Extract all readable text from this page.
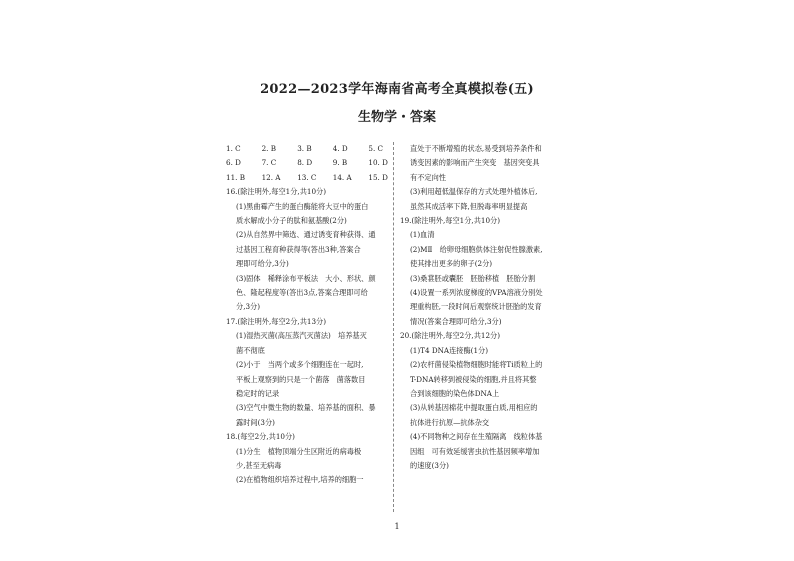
2022—2023学年海南省高考全真模拟卷(五)
生物学・答案
1. C	2. B	3. B	4. D	5. C
6. D	7. C	8. D	9. B	10. D
11. B	12. A	13. C	14. A	15. D
16.(除注明外,每空1分,共10分)
(1)黑曲霉产生的蛋白酶能将大豆中的蛋白
质水解成小分子的肽和氨基酸(2分)
(2)从自然界中筛选、通过诱变育种获得、通
过基因工程育种获得等(答出3种,答案合
理即可给分,3分)
(3)固体　稀释涂布平板法　大小、形状、颜
色、隆起程度等(答出3点,答案合理即可给
分,3分)
17.(除注明外,每空2分,共13分)
(1)湿热灭菌(高压蒸汽灭菌法)　培养基灭
菌不彻底
(2)小于　当两个或多个细胞连在一起时,
平板上观察到的只是一个菌落　菌落数目
稳定时的记录
(3)空气中微生物的数量、培养基的面积、暴
露时间(3分)
18.(每空2分,共10分)
(1)分生　植物顶端分生区附近的病毒极
少,甚至无病毒
(2)在植物组织培养过程中,培养的细胞一
直处于不断增殖的状态,易受到培养条件和
诱变因素的影响而产生突变　基因突变具
有不定向性
(3)利用超低温保存的方式处理外植体后,
虽然其成活率下降,但脱毒率明显提高
19.(除注明外,每空1分,共10分)
(1)血清
(2)MⅡ　给卵母细胞供体注射促性腺激素,
使其排出更多的卵子(2分)
(3)桑葚胚或囊胚　胚胎移植　胚胎分割
(4)设置一系列浓度梯度的VPA溶液分别处
理重构胚,一段时间后观察统计胚胎的发育
情况(答案合理即可给分,3分)
20.(除注明外,每空2分,共12分)
(1)T4 DNA连接酶(1分)
(2)农杆菌侵染植物细胞时能将Ti质粒上的
T-DNA转移到被侵染的细胞,并且将其整
合到该细胞的染色体DNA上
(3)从转基因棉花中提取蛋白质,用相应的
抗体进行抗原—抗体杂交
(4)不同物种之间存在生殖隔离　线粒体基
因组　可有效延缓害虫抗性基因频率增加
的速度(3分)
1
